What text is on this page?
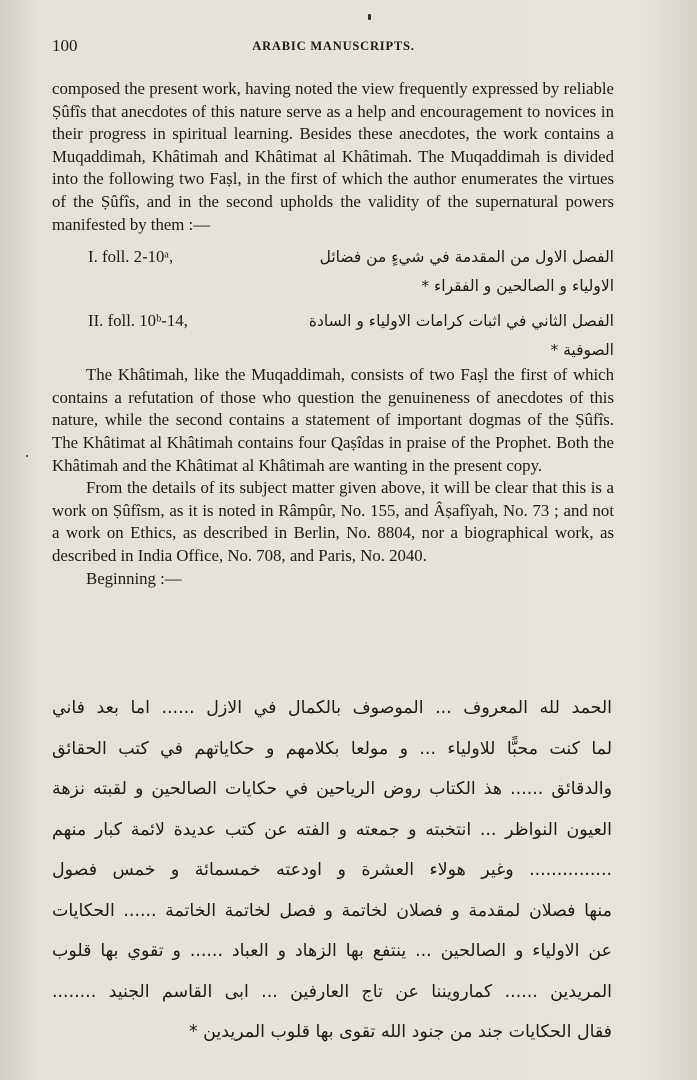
100	ARABIC MANUSCRIPTS.

composed the present work, having noted the view frequently expressed by reliable Ṣûfîs that anecdotes of this nature serve as a help and encouragement to novices in their progress in spiritual learning. Besides these anecdotes, the work contains a Muqaddimah, Khâtimah and Khâtimat al Khâtimah. The Muqaddimah is divided into the following two Faṣl, in the first of which the author enumerates the virtues of the Ṣûfîs, and in the second upholds the validity of the supernatural powers manifested by them :—

I. foll. 2-10ᵃ,	الفصل الاول من المقدمة في شيءٍ من فضائل
الاولياء و الصالحين و الفقراء *
II. foll. 10ᵇ-14,	الفصل الثاني في اثبات كرامات الاولياء و السادة
الصوفية *

The Khâtimah, like the Muqaddimah, consists of two Faṣl the first of which contains a refutation of those who question the genuineness of anecdotes of this nature, while the second contains a statement of important dogmas of the Ṣûfîs. The Khâtimat al Khâtimah contains four Qaṣîdas in praise of the Prophet. Both the Khâtimah and the Khâtimat al Khâtimah are wanting in the present copy.

From the details of its subject matter given above, it will be clear that this is a work on Ṣûfîsm, as it is noted in Râmpûr, No. 155, and Âṣafîyah, No. 73 ; and not a work on Ethics, as described in Berlin, No. 8804, nor a biographical work, as described in India Office, No. 708, and Paris, No. 2040.

Beginning :—

الحمد لله المعروف ... الموصوف بالكمال في الازل ...... اما بعد فاني
لما كنت محبًّا للاولياء ... و مولعا بكلامهم و حكاياتهم في كتب الحقائق
والدقائق ...... هذ الكتاب روض الرياحين في حكايات الصالحين و لقبته نزهة
العيون النواظر ... انتخبته و جمعته و الفته عن كتب عديدة لائمة كبار منهم
............... وغير هولاء العشرة و اودعته خمسمائة و خمس فصول
منها فصلان لمقدمة و فصلان لخاتمة و فصل لخاتمة الخاتمة ...... الحكايات
عن الاولياء و الصالحين ... ينتفع بها الزهاد و العباد ...... و تقوي بها قلوب
المريدين ...... كمارويننا عن تاج العارفين ... ابى القاسم الجنيد ........
فقال الحكايات جند من جنود الله تقوى بها قلوب المريدين *
